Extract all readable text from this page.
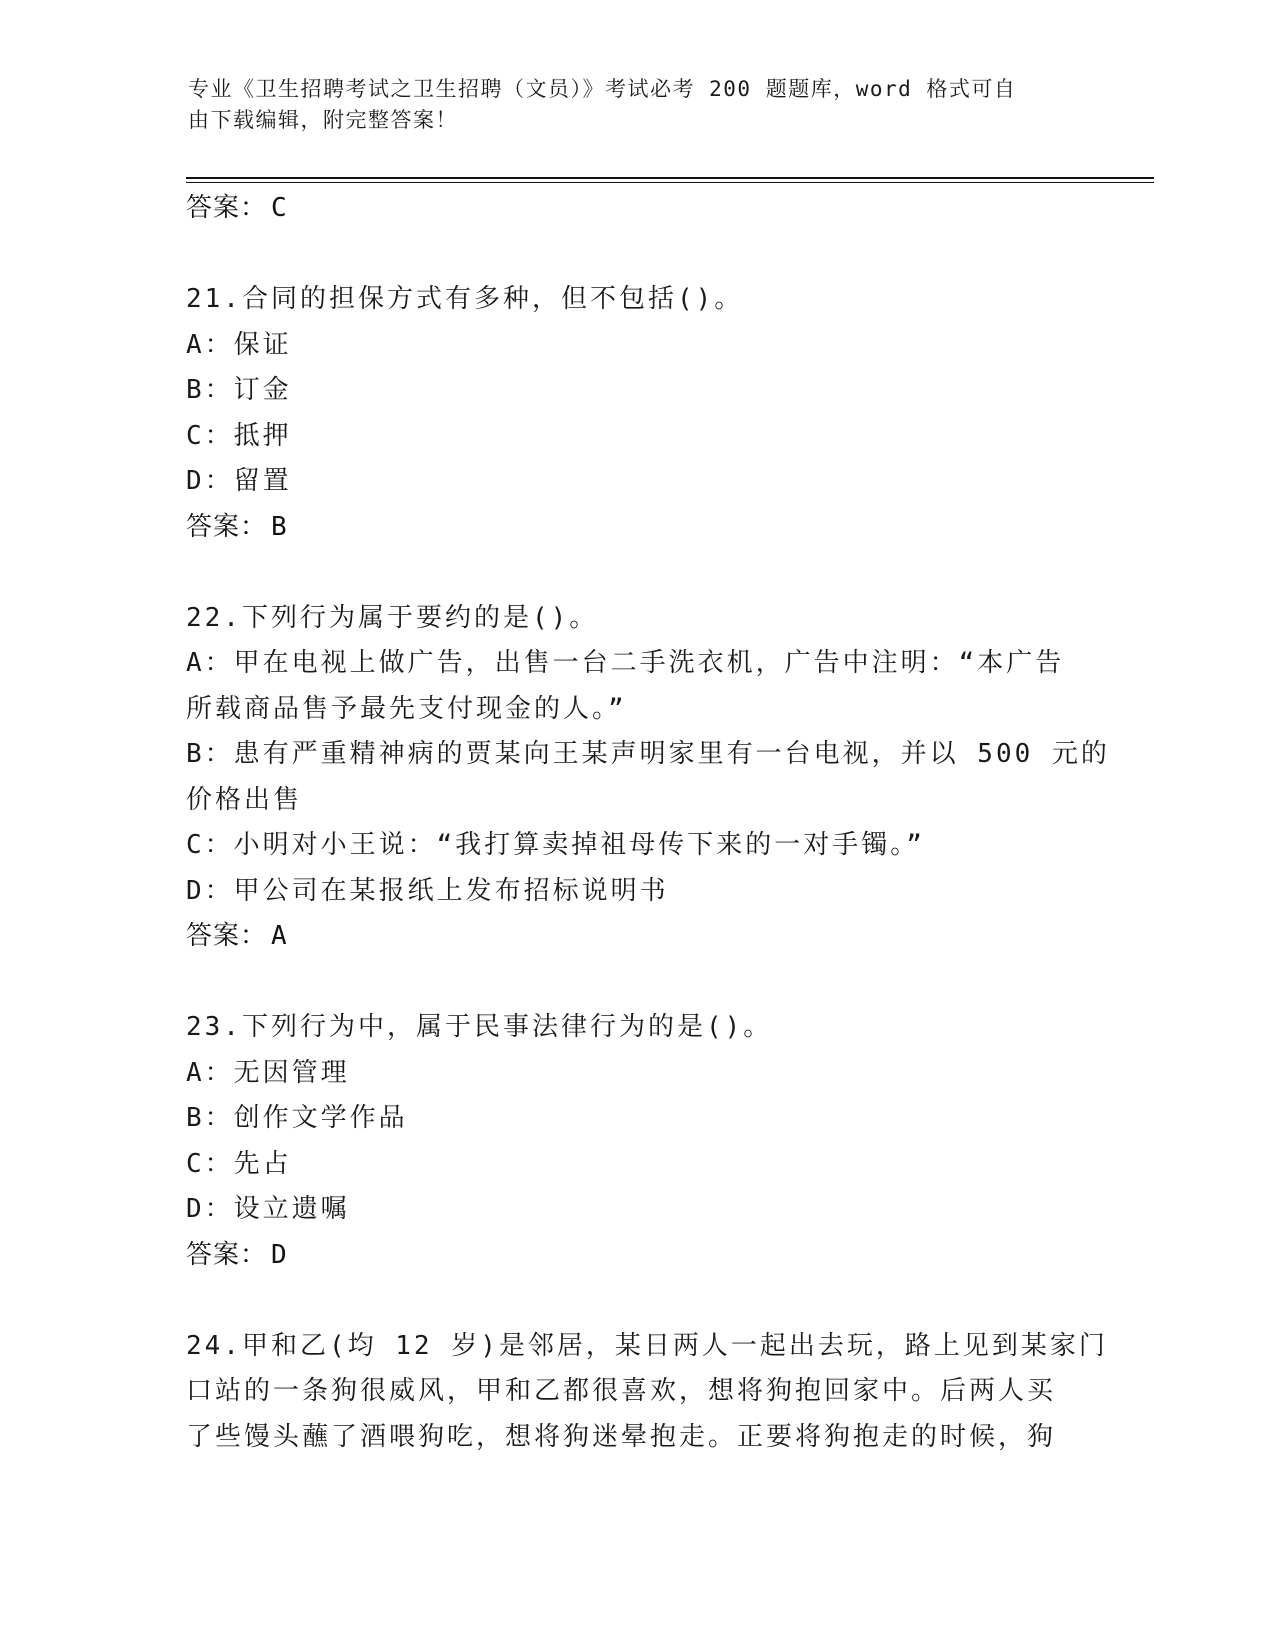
专业《卫生招聘考试之卫生招聘（文员）》考试必考 200 题题库，word 格式可自
由下载编辑，附完整答案！
答案： C
21.合同的担保方式有多种，但不包括()。
A：保证
B：订金
C：抵押
D：留置
答案： B
22.下列行为属于要约的是()。
A：甲在电视上做广告，出售一台二手洗衣机，广告中注明：“本广告
所载商品售予最先支付现金的人。”
B：患有严重精神病的贾某向王某声明家里有一台电视，并以 500 元的
价格出售
C：小明对小王说：“我打算卖掉祖母传下来的一对手镯。”
D：甲公司在某报纸上发布招标说明书
答案： A
23.下列行为中，属于民事法律行为的是()。
A：无因管理
B：创作文学作品
C：先占
D：设立遗嘱
答案： D
24.甲和乙(均 12 岁)是邻居，某日两人一起出去玩，路上见到某家门
口站的一条狗很威风，甲和乙都很喜欢，想将狗抱回家中。后两人买
了些馒头蘸了酒喂狗吃，想将狗迷晕抱走。正要将狗抱走的时候，狗
